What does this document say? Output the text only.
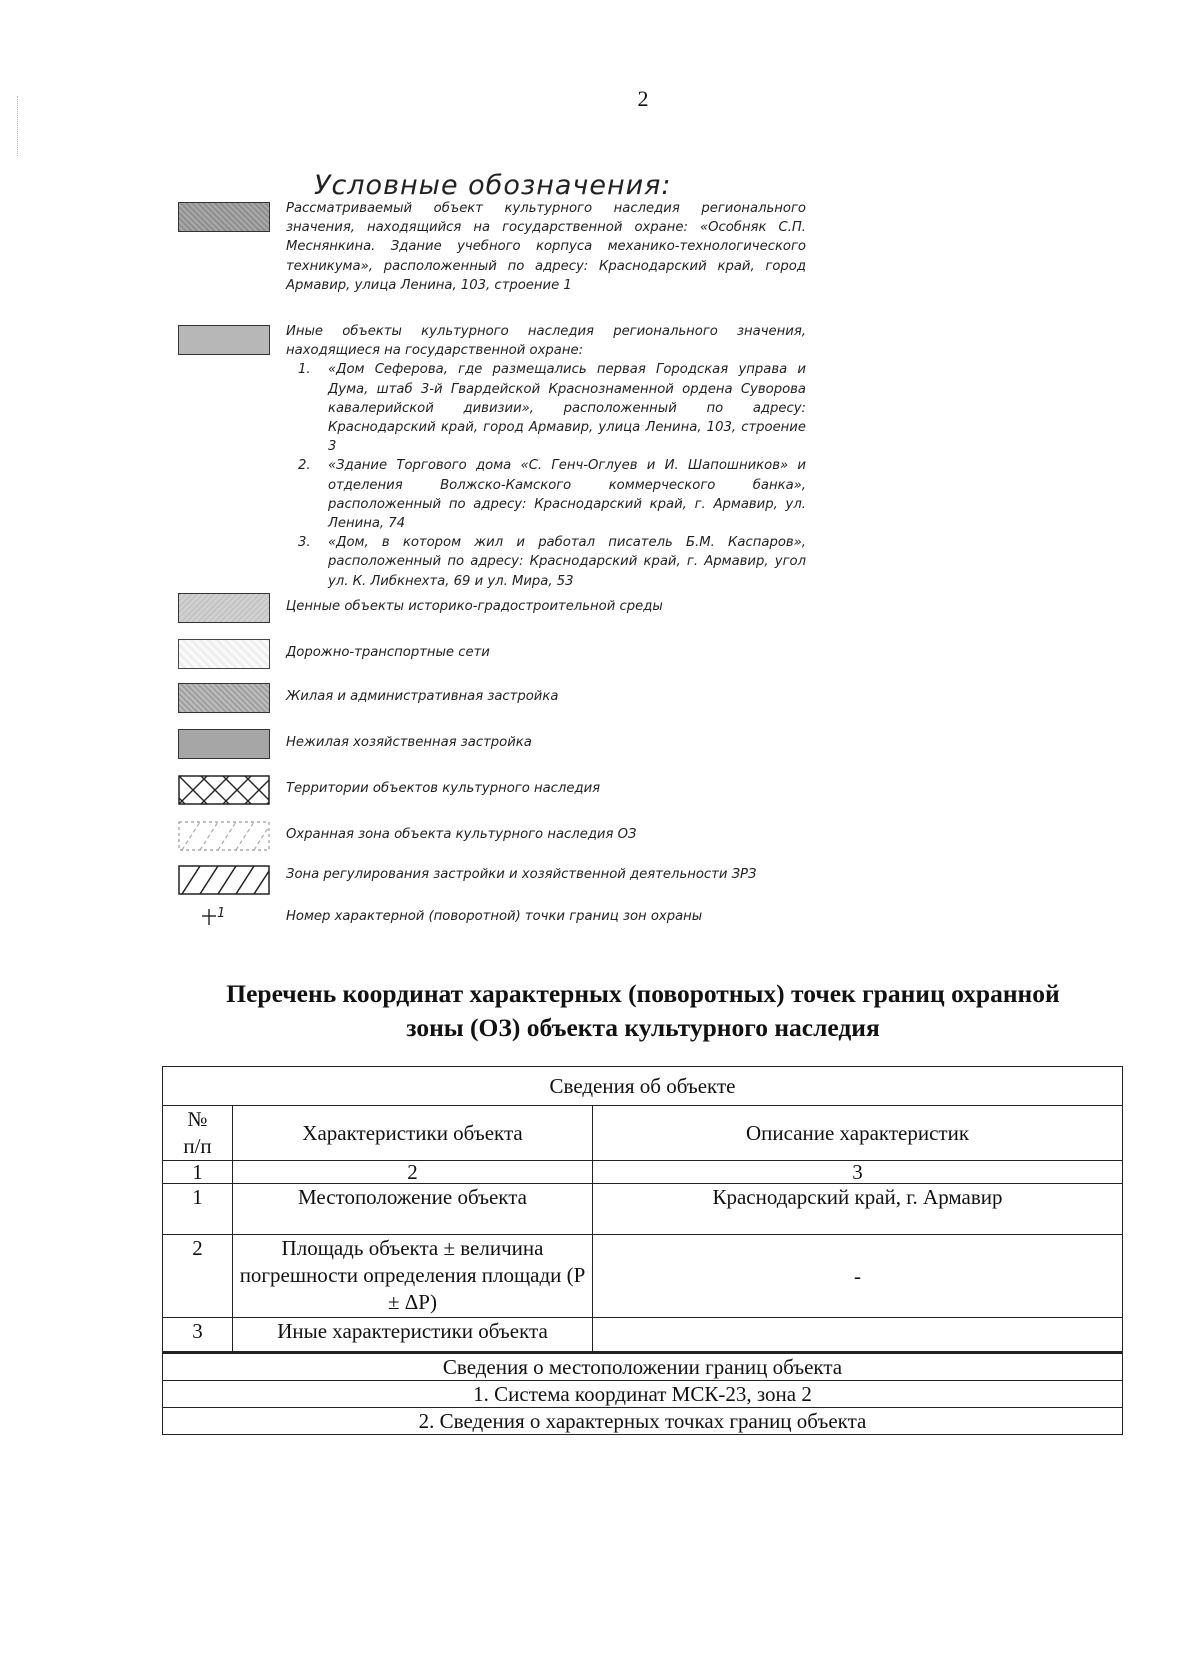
2
Условные обозначения:
Рассматриваемый объект культурного наследия регионального значения, находящийся на государственной охране: «Особняк С.П. Меснянкина. Здание учебного корпуса механико-технологического техникума», расположенный по адресу: Краснодарский край, город Армавир, улица Ленина, 103, строение 1
Иные объекты культурного наследия регионального значения, находящиеся на государственной охране:
1. «Дом Сеферова, где размещались первая Городская управа и Дума, штаб 3-й Гвардейской Краснознаменной ордена Суворова кавалерийской дивизии», расположенный по адресу: Краснодарский край, город Армавир, улица Ленина, 103, строение 3
2. «Здание Торгового дома «С. Генч-Оглуев и И. Шапошников» и отделения Волжско-Камского коммерческого банка», расположенный по адресу: Краснодарский край, г. Армавир, ул. Ленина, 74
3. «Дом, в котором жил и работал писатель Б.М. Каспаров», расположенный по адресу: Краснодарский край, г. Армавир, угол ул. К. Либкнехта, 69 и ул. Мира, 53
Ценные объекты историко-градостроительной среды
Дорожно-транспортные сети
Жилая и административная застройка
Нежилая хозяйственная застройка
Территории объектов культурного наследия
Охранная зона объекта культурного наследия ОЗ
Зона регулирования застройки и хозяйственной деятельности ЗРЗ
1	Номер характерной (поворотной) точки границ зон охраны
Перечень координат характерных (поворотных) точек границ охранной
зоны (ОЗ) объекта культурного наследия
Сведения об объекте		
№ п/п	Характеристики объекта	Описание характеристик
1	2	3
1	Местоположение объекта	Краснодарский край, г. Армавир
2	Площадь объекта ± величина погрешности определения площади (Р ± ΔР)	-
3	Иные характеристики объекта	
Сведения о местоположении границ объекта		
1. Система координат МСК-23, зона 2		
2. Сведения о характерных точках границ объекта		
